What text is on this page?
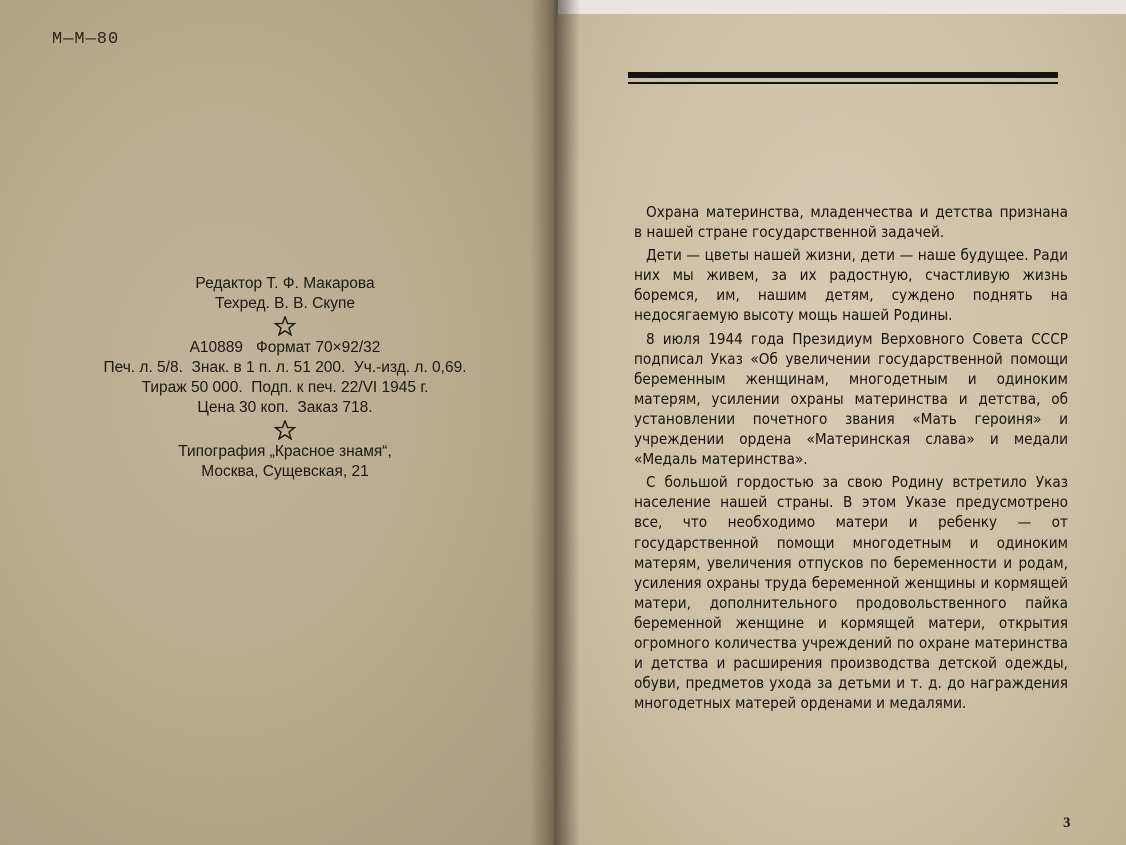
М—М—80
Редактор Т. Ф. Макарова
Техред. В. В. Скупе
А10889   Формат 70×92/32
Печ. л. 5/8.  Знак. в 1 п. л. 51 200.  Уч.-изд. л. 0,69.
Тираж 50 000.  Подп. к печ. 22/VI 1945 г.
Цена 30 коп.  Заказ 718.
Типография „Красное знамя“,
Москва, Сущевская, 21

Охрана материнства, младенчества и детства признана в нашей стране государственной задачей.

Дети — цветы нашей жизни, дети — наше будущее. Ради них мы живем, за их радостную, счастливую жизнь боремся, им, нашим детям, суждено поднять на недосягаемую высоту мощь нашей Родины.

8 июля 1944 года Президиум Верховного Совета СССР подписал Указ «Об увеличении государственной помощи беременным женщинам, многодетным и одиноким матерям, усилении охраны материнства и детства, об установлении почетного звания «Мать героиня» и учреждении ордена «Материнская слава» и медали «Медаль материнства».

С большой гордостью за свою Родину встретило Указ население нашей страны. В этом Указе предусмотрено все, что необходимо матери и ребенку — от государственной помощи многодетным и одиноким матерям, увеличения отпусков по беременности и родам, усиления охраны труда беременной женщины и кормящей матери, дополнительного продовольственного пайка беременной женщине и кормящей матери, открытия огромного количества учреждений по охране материнства и детства и расширения производства детской одежды, обуви, предметов ухода за детьми и т. д. до награждения многодетных матерей орденами и медалями.

3
